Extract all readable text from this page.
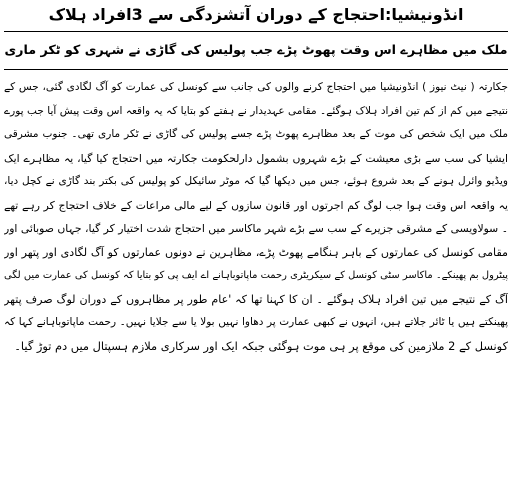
انڈونیشیا:احتجاج کے دوران آتشزدگی سے 3افراد ہلاک
ملک میں مظاہرے اس وقت پھوٹ پڑے جب پولیس کی گاڑی نے شہری کو ٹکر ماری
جکارتہ ( نیٹ نیوز ) انڈونیشیا میں احتجاج کرنے والوں کی جانب سے کونسل کی عمارت کو آگ لگادی گئی، جس کے
نتیجے میں کم از کم تین افراد ہلاک ہوگئے۔ مقامی عہدیدار نے ہفتے کو بتایا کہ یہ واقعہ اس وقت پیش آیا جب پورے
ملک میں ایک شخص کی موت کے بعد مظاہرے پھوٹ پڑے جسے پولیس کی گاڑی نے ٹکر ماری تھی۔ جنوب مشرقی
ایشیا کی سب سے بڑی معیشت کے بڑے شہروں بشمول دارلحکومت جکارتہ میں احتجاج کیا گیا، یہ مظاہرے ایک
ویڈیو وائرل ہونے کے بعد شروع ہوئے، جس میں دیکھا گیا کہ موٹر سائیکل کو پولیس کی بکتر بند گاڑی نے کچل دیا،
یہ واقعہ اس وقت ہوا جب لوگ کم اجرتوں اور قانون سازوں کے لیے مالی مراعات کے خلاف احتجاج کر رہے تھے
۔ سولاویسی کے مشرقی جزیرے کے سب سے بڑے شہر ماکاسر میں احتجاج شدت اختیار کر گیا، جہاں صوبائی اور
مقامی کونسل کی عمارتوں کے باہر ہنگامے پھوٹ پڑے، مظاہرین نے دونوں عمارتوں کو آگ لگادی اور پتھر اور
پیٹرول بم پھینکے۔ ماکاسر سٹی کونسل کے سیکریٹری رحمت ماپاتوباہانے اے ایف پی کو بتایا کہ کونسل کی عمارت میں لگی
آگ کے نتیجے میں تین افراد ہلاک ہوگئے ۔ ان کا کہنا تھا کہ 'عام طور پر مظاہروں کے دوران لوگ صرف پتھر
پھینکتے ہیں یا ٹائر جلاتے ہیں، انہوں نے کبھی عمارت پر دھاوا نہیں بولا یا سے جلایا نہیں۔ رحمت ماپاتوباہانے کہا کہ
کونسل کے 2 ملازمین کی موقع پر ہی موت ہوگئی جبکہ ایک اور سرکاری ملازم ہسپتال میں دم توڑ گیا۔
